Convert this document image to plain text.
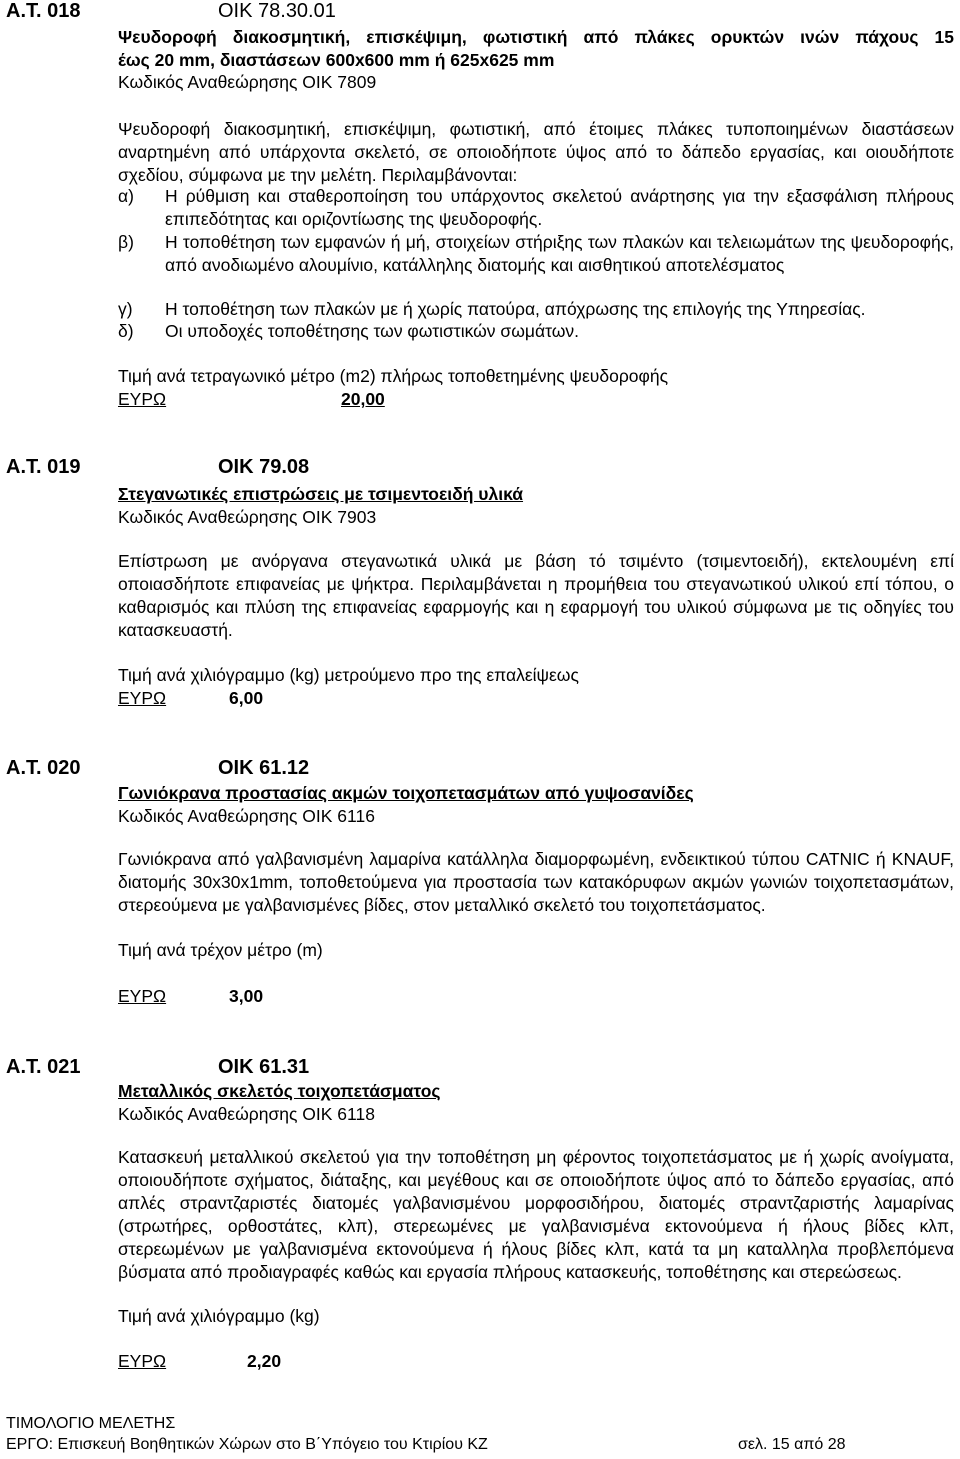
Α.Τ. 018	ΟΙΚ 78.30.01
Ψευδοροφή διακοσμητική, επισκέψιμη, φωτιστική από πλάκες ορυκτών ινών πάχους 15
έως 20 mm, διαστάσεων 600x600 mm ή 625x625 mm
Κωδικός Αναθεώρησης ΟΙΚ 7809
Ψευδοροφή διακοσμητική, επισκέψιμη, φωτιστική, από έτοιμες πλάκες τυποποιημένων διαστάσεων αναρτημένη από υπάρχοντα σκελετό, σε οποιοδήποτε ύψος από το δάπεδο εργασίας, και οιουδήποτε σχεδίου, σύμφωνα με την μελέτη. Περιλαμβάνονται:
α) Η ρύθμιση και σταθεροποίηση του υπάρχοντος σκελετού ανάρτησης για την εξασφάλιση πλήρους επιπεδότητας και οριζοντίωσης της ψευδοροφής.
β) Η τοποθέτηση των εμφανών ή μή, στοιχείων στήριξης των πλακών και τελειωμάτων της ψευδοροφής, από ανοδιωμένο αλουμίνιο, κατάλληλης διατομής και αισθητικού αποτελέσματος
γ) Η τοποθέτηση των πλακών με ή χωρίς πατούρα, απόχρωσης της επιλογής της Υπηρεσίας.
δ) Οι υποδοχές τοποθέτησης των φωτιστικών σωμάτων.
Τιμή ανά τετραγωνικό μέτρο (m2) πλήρως τοποθετημένης ψευδοροφής
ΕΥΡΩ	20,00
Α.Τ. 019	ΟΙΚ 79.08
Στεγανωτικές επιστρώσεις με τσιμεντοειδή υλικά
Κωδικός Αναθεώρησης ΟΙΚ 7903
Επίστρωση με ανόργανα στεγανωτικά υλικά με βάση τό τσιμέντο (τσιμεντοειδή), εκτελουμένη επί οποιασδήποτε επιφανείας με ψήκτρα. Περιλαμβάνεται η προμήθεια του στεγανωτικού υλικού επί τόπου, ο καθαρισμός και πλύση της επιφανείας εφαρμογής και η εφαρμογή του υλικού σύμφωνα με τις οδηγίες του κατασκευαστή.
Τιμή ανά χιλιόγραμμο (kg) μετρούμενο προ της επαλείψεως
ΕΥΡΩ	6,00
Α.Τ. 020	ΟΙΚ 61.12
Γωνιόκρανα προστασίας ακμών τοιχοπετασμάτων από γυψοσανίδες
Κωδικός Αναθεώρησης ΟΙΚ 6116
Γωνιόκρανα από γαλβανισμένη λαμαρίνα κατάλληλα διαμορφωμένη, ενδεικτικού τύπου CATNIC ή KNAUF, διατομής 30x30x1mm, τοποθετούμενα για προστασία των κατακόρυφων ακμών γωνιών τοιχοπετασμάτων, στερεούμενα με γαλβανισμένες βίδες, στον μεταλλικό σκελετό του τοιχοπετάσματος.
Τιμή ανά τρέχον μέτρο (m)
ΕΥΡΩ	3,00
Α.Τ. 021	ΟΙΚ 61.31
Μεταλλικός σκελετός τοιχοπετάσματος
Κωδικός Αναθεώρησης ΟΙΚ 6118
Κατασκευή μεταλλικού σκελετού για την τοποθέτηση μη φέροντος τοιχοπετάσματος με ή χωρίς ανοίγματα, οποιουδήποτε σχήματος, διάταξης, και μεγέθους και σε οποιοδήποτε ύψος από το δάπεδο εργασίας, από απλές στραντζαριστές διατομές γαλβανισμένου μορφοσιδήρου, διατομές στραντζαριστής λαμαρίνας (στρωτήρες, ορθοστάτες, κλπ), στερεωμένες με γαλβανισμένα εκτονούμενα ή ήλους βίδες κλπ, στερεωμένων με γαλβανισμένα εκτονούμενα ή ήλους βίδες κλπ, κατά τα μη καταλληλα προβλεπόμενα βύσματα από προδιαγραφές καθώς και εργασία πλήρους κατασκευής, τοποθέτησης και στερεώσεως.
Τιμή ανά χιλιόγραμμο (kg)
ΕΥΡΩ	2,20
ΤΙΜΟΛΟΓΙΟ ΜΕΛΕΤΗΣ
ΕΡΓΟ: Επισκευή Βοηθητικών Χώρων στο Β΄Υπόγειο του Κτιρίου ΚΖ	σελ. 15 από 28
